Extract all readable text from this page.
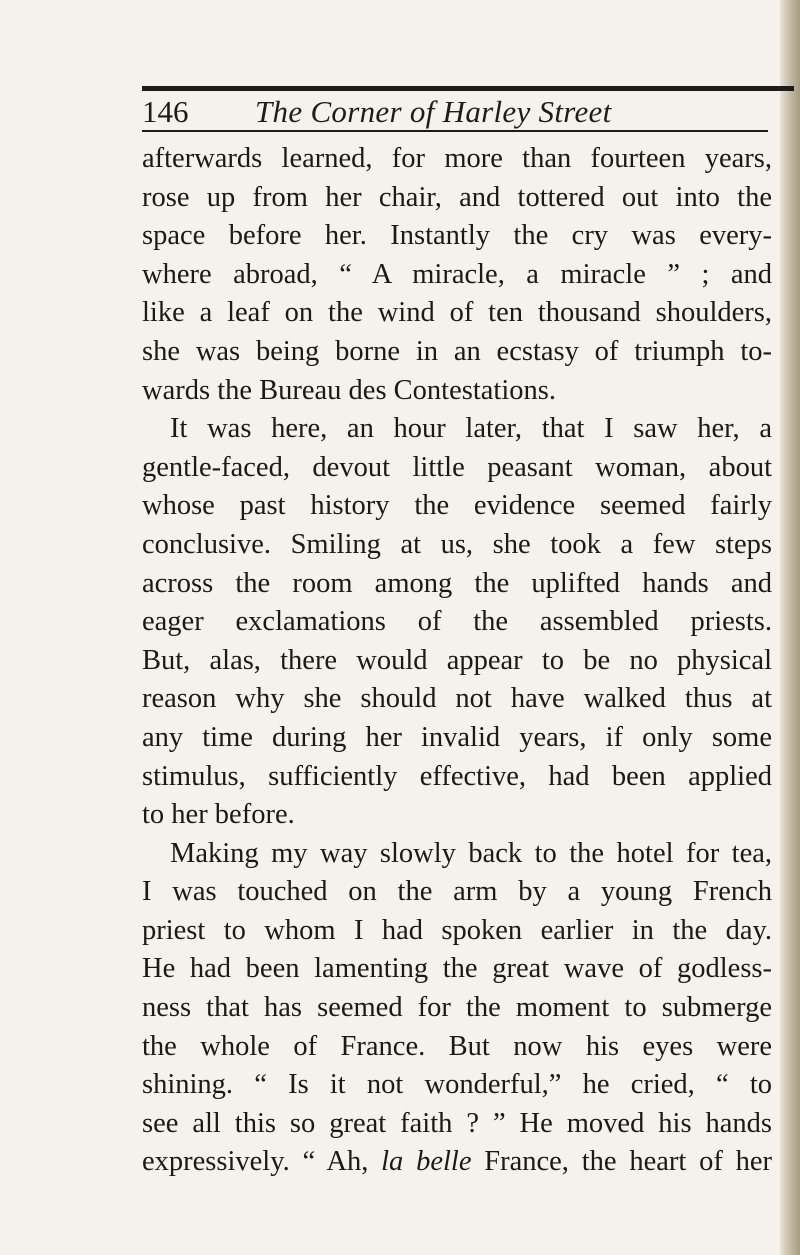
146 The Corner of Harley Street
afterwards learned, for more than fourteen years,
rose up from her chair, and tottered out into the
space before her. Instantly the cry was every-
where abroad, “ A miracle, a miracle ” ; and
like a leaf on the wind of ten thousand shoulders,
she was being borne in an ecstasy of triumph to-
wards the Bureau des Contestations.
It was here, an hour later, that I saw her, a
gentle-faced, devout little peasant woman, about
whose past history the evidence seemed fairly
conclusive. Smiling at us, she took a few steps
across the room among the uplifted hands and
eager exclamations of the assembled priests.
But, alas, there would appear to be no physical
reason why she should not have walked thus at
any time during her invalid years, if only some
stimulus, sufficiently effective, had been applied
to her before.
Making my way slowly back to the hotel for tea,
I was touched on the arm by a young French
priest to whom I had spoken earlier in the day.
He had been lamenting the great wave of godless-
ness that has seemed for the moment to submerge
the whole of France. But now his eyes were
shining. “ Is it not wonderful,” he cried, “ to
see all this so great faith ? ” He moved his hands
expressively. “ Ah, la belle France, the heart of her
